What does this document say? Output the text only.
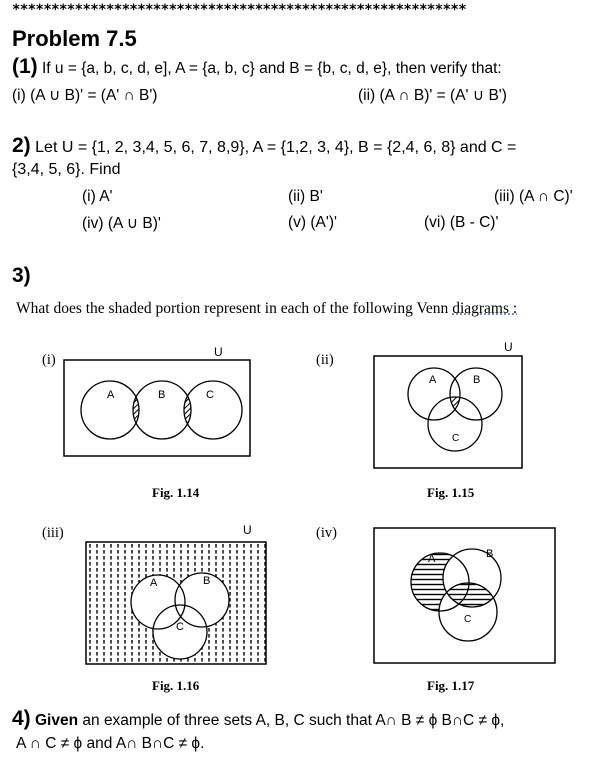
**********************************************************
Problem 7.5
(1) If u = {a, b, c, d, e], A = {a, b, c} and B = {b, c, d, e}, then verify that:
(i) (A ∪ B)' = (A' ∩ B')	(ii) (A ∩ B)' = (A' ∪ B')
2) Let U = {1, 2, 3,4, 5, 6, 7, 8,9}, A = {1,2, 3, 4}, B = {2,4, 6, 8} and C =
{3,4, 5, 6}. Find
(i) A'	(ii) B'	(iii) (A ∩ C)'
(iv) (A ∪ B)'	(v) (A')'	(vi) (B - C)'
3)
What does the shaded portion represent in each of the following Venn diagrams :
(i)	U
A	B	C
Fig. 1.14
(ii)
U
A	B
C
Fig. 1.15
(iii)	U
A	B
C
Fig. 1.16
(iv)
A	B
C
Fig. 1.17
4) Given an example of three sets A, B, C such that A∩ B ≠ ϕ B∩C ≠ ϕ,
A ∩ C ≠ ϕ and A∩ B∩C ≠ ϕ.
